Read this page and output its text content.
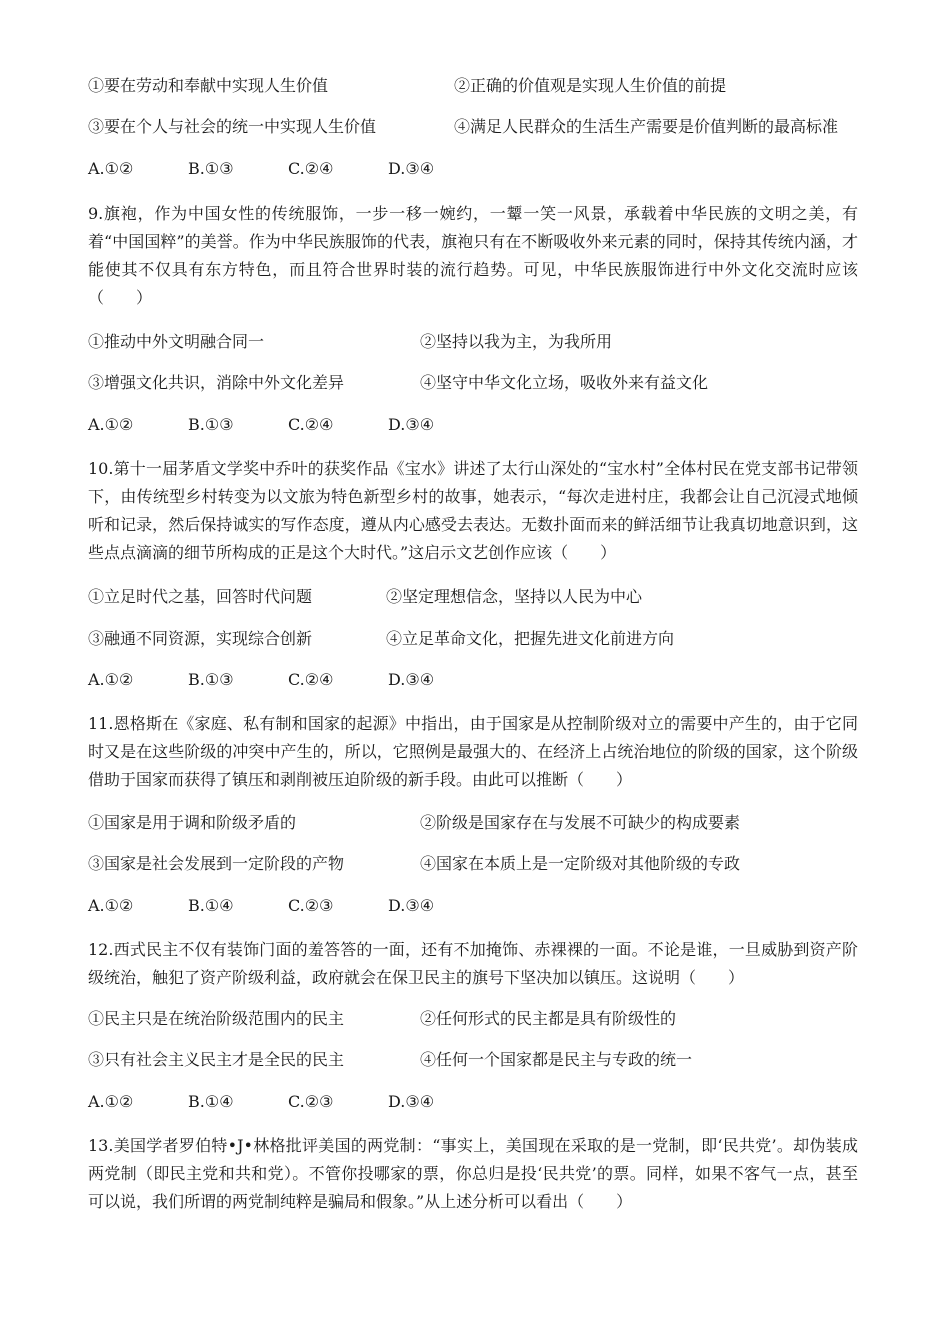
①要在劳动和奉献中实现人生价值	②正确的价值观是实现人生价值的前提
③要在个人与社会的统一中实现人生价值	④满足人民群众的生活生产需要是价值判断的最高标准
A.①②	B.①③	C.②④	D.③④
9.旗袍，作为中国女性的传统服饰，一步一移一婉约，一颦一笑一风景，承载着中华民族的文明之美，有着“中国国粹”的美誉。作为中华民族服饰的代表，旗袍只有在不断吸收外来元素的同时，保持其传统内涵，才能使其不仅具有东方特色，而且符合世界时装的流行趋势。可见，中华民族服饰进行中外文化交流时应该（　　）
①推动中外文明融合同一	②坚持以我为主，为我所用
③增强文化共识，消除中外文化差异	④坚守中华文化立场，吸收外来有益文化
A.①②	B.①③	C.②④	D.③④
10.第十一届茅盾文学奖中乔叶的获奖作品《宝水》讲述了太行山深处的“宝水村”全体村民在党支部书记带领下，由传统型乡村转变为以文旅为特色新型乡村的故事，她表示，“每次走进村庄，我都会让自己沉浸式地倾听和记录，然后保持诚实的写作态度，遵从内心感受去表达。无数扑面而来的鲜活细节让我真切地意识到，这些点点滴滴的细节所构成的正是这个大时代。”这启示文艺创作应该（　　）
①立足时代之基，回答时代问题	②坚定理想信念，坚持以人民为中心
③融通不同资源，实现综合创新	④立足革命文化，把握先进文化前进方向
A.①②	B.①③	C.②④	D.③④
11.恩格斯在《家庭、私有制和国家的起源》中指出，由于国家是从控制阶级对立的需要中产生的，由于它同时又是在这些阶级的冲突中产生的，所以，它照例是最强大的、在经济上占统治地位的阶级的国家，这个阶级借助于国家而获得了镇压和剥削被压迫阶级的新手段。由此可以推断（　　）
①国家是用于调和阶级矛盾的	②阶级是国家存在与发展不可缺少的构成要素
③国家是社会发展到一定阶段的产物	④国家在本质上是一定阶级对其他阶级的专政
A.①②	B.①④	C.②③	D.③④
12.西式民主不仅有装饰门面的羞答答的一面，还有不加掩饰、赤裸裸的一面。不论是谁，一旦威胁到资产阶级统治，触犯了资产阶级利益，政府就会在保卫民主的旗号下坚决加以镇压。这说明（　　）
①民主只是在统治阶级范围内的民主	②任何形式的民主都是具有阶级性的
③只有社会主义民主才是全民的民主	④任何一个国家都是民主与专政的统一
A.①②	B.①④	C.②③	D.③④
13.美国学者罗伯特•J•林格批评美国的两党制：“事实上，美国现在采取的是一党制，即‘民共党’。却伪装成两党制（即民主党和共和党）。不管你投哪家的票，你总归是投‘民共党’的票。同样，如果不客气一点，甚至可以说，我们所谓的两党制纯粹是骗局和假象。”从上述分析可以看出（　　）
